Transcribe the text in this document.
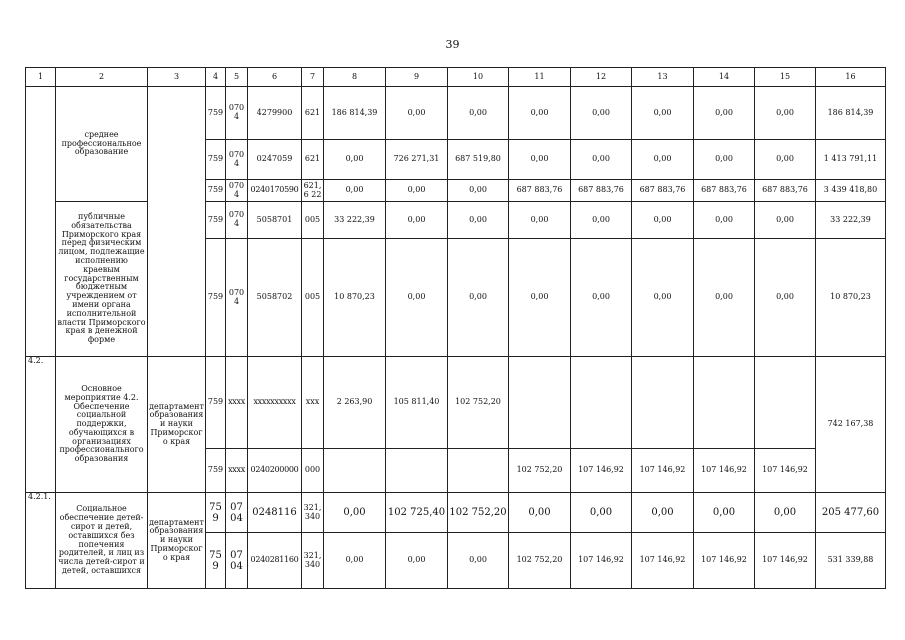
39
1	2	3	4	5	6	7	8	9	10	11	12	13	14	15	16
	среднее профессиональное образование		759	0704	4279900	621	186 814,39	0,00	0,00	0,00	0,00	0,00	0,00	0,00	186 814,39
			759	0704	0247059	621	0,00	726 271,31	687 519,80	0,00	0,00	0,00	0,00	0,00	1 413 791,11
			759	0704	0240170590	621,6 22	0,00	0,00	0,00	687 883,76	687 883,76	687 883,76	687 883,76	687 883,76	3 439 418,80
	публичные обязательства Приморского края перед физическим лицом, подлежащие исполнению краевым государственным бюджетным учреждением от имени органа исполнительной власти Приморского края в денежной форме		759	0704	5058701	005	33 222,39	0,00	0,00	0,00	0,00	0,00	0,00	0,00	33 222,39
			759	0704	5058702	005	10 870,23	0,00	0,00	0,00	0,00	0,00	0,00	0,00	10 870,23
4.2.	Основное мероприятие 4.2. Обеспечение социальной поддержки, обучающихся в организациях профессионального образования	департамент образования и науки Приморского края	759	хххх	хххххххххх	ххх	2 263,90	105 811,40	102 752,20						742 167,38
			759	хххх	0240200000	000				102 752,20	107 146,92	107 146,92	107 146,92	107 146,92	
4.2.1.	Социальное обеспечение детей-сирот и детей, оставшихся без попечения родителей, и лиц из числа детей-сирот и детей, оставшихся	департамент образования и науки Приморского края	759	0704	0248116	321, 340	0,00	102 725,40	102 752,20	0,00	0,00	0,00	0,00	0,00	205 477,60
			759	0704	0240281160	321, 340	0,00	0,00	0,00	102 752,20	107 146,92	107 146,92	107 146,92	107 146,92	531 339,88
